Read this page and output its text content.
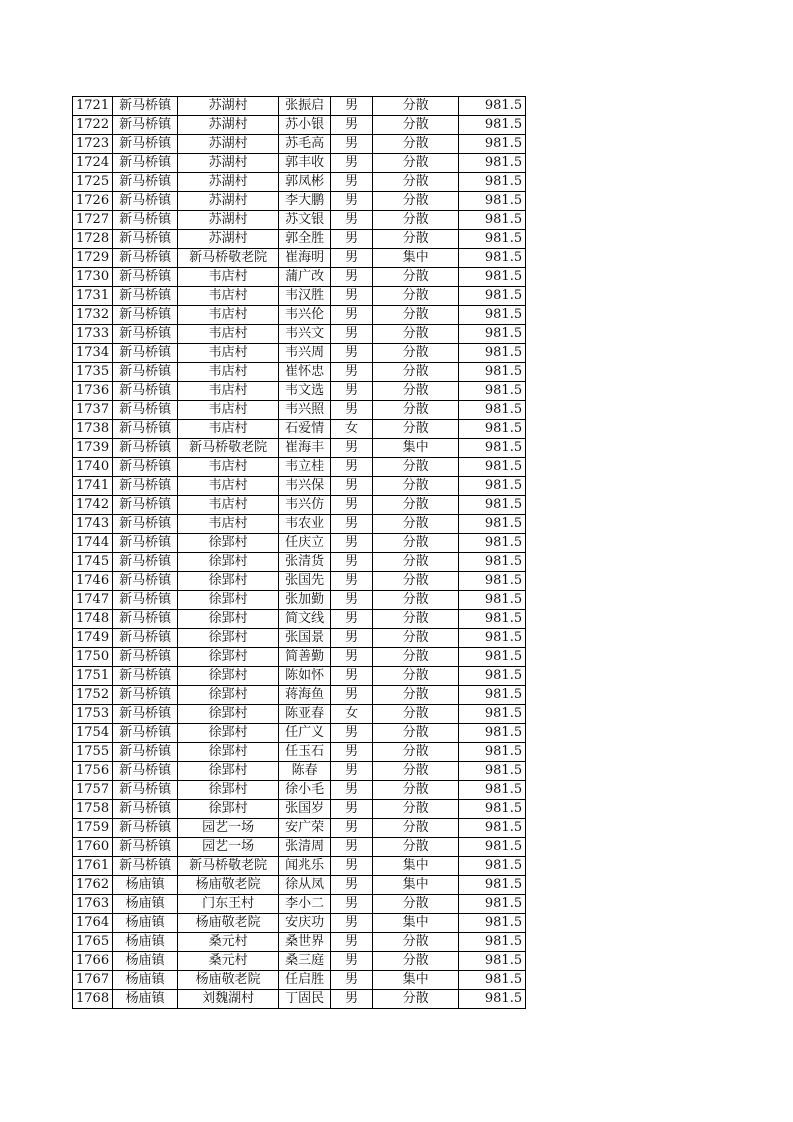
1721	新马桥镇	苏湖村	张振启	男	分散	981.5
1722	新马桥镇	苏湖村	苏小银	男	分散	981.5
1723	新马桥镇	苏湖村	苏毛高	男	分散	981.5
1724	新马桥镇	苏湖村	郭丰收	男	分散	981.5
1725	新马桥镇	苏湖村	郭凤彬	男	分散	981.5
1726	新马桥镇	苏湖村	李大鹏	男	分散	981.5
1727	新马桥镇	苏湖村	苏文银	男	分散	981.5
1728	新马桥镇	苏湖村	郭全胜	男	分散	981.5
1729	新马桥镇	新马桥敬老院	崔海明	男	集中	981.5
1730	新马桥镇	韦店村	蒲广改	男	分散	981.5
1731	新马桥镇	韦店村	韦汉胜	男	分散	981.5
1732	新马桥镇	韦店村	韦兴伦	男	分散	981.5
1733	新马桥镇	韦店村	韦兴文	男	分散	981.5
1734	新马桥镇	韦店村	韦兴周	男	分散	981.5
1735	新马桥镇	韦店村	崔怀忠	男	分散	981.5
1736	新马桥镇	韦店村	韦文选	男	分散	981.5
1737	新马桥镇	韦店村	韦兴照	男	分散	981.5
1738	新马桥镇	韦店村	石爱情	女	分散	981.5
1739	新马桥镇	新马桥敬老院	崔海丰	男	集中	981.5
1740	新马桥镇	韦店村	韦立桂	男	分散	981.5
1741	新马桥镇	韦店村	韦兴保	男	分散	981.5
1742	新马桥镇	韦店村	韦兴仿	男	分散	981.5
1743	新马桥镇	韦店村	韦农业	男	分散	981.5
1744	新马桥镇	徐郢村	任庆立	男	分散	981.5
1745	新马桥镇	徐郢村	张清货	男	分散	981.5
1746	新马桥镇	徐郢村	张国先	男	分散	981.5
1747	新马桥镇	徐郢村	张加勤	男	分散	981.5
1748	新马桥镇	徐郢村	简文线	男	分散	981.5
1749	新马桥镇	徐郢村	张国景	男	分散	981.5
1750	新马桥镇	徐郢村	简善勤	男	分散	981.5
1751	新马桥镇	徐郢村	陈如怀	男	分散	981.5
1752	新马桥镇	徐郢村	蒋海鱼	男	分散	981.5
1753	新马桥镇	徐郢村	陈亚春	女	分散	981.5
1754	新马桥镇	徐郢村	任广义	男	分散	981.5
1755	新马桥镇	徐郢村	任玉石	男	分散	981.5
1756	新马桥镇	徐郢村	陈春	男	分散	981.5
1757	新马桥镇	徐郢村	徐小毛	男	分散	981.5
1758	新马桥镇	徐郢村	张国岁	男	分散	981.5
1759	新马桥镇	园艺一场	安广荣	男	分散	981.5
1760	新马桥镇	园艺一场	张清周	男	分散	981.5
1761	新马桥镇	新马桥敬老院	闻兆乐	男	集中	981.5
1762	杨庙镇	杨庙敬老院	徐从凤	男	集中	981.5
1763	杨庙镇	门东王村	李小二	男	分散	981.5
1764	杨庙镇	杨庙敬老院	安庆功	男	集中	981.5
1765	杨庙镇	桑元村	桑世界	男	分散	981.5
1766	杨庙镇	桑元村	桑三庭	男	分散	981.5
1767	杨庙镇	杨庙敬老院	任启胜	男	集中	981.5
1768	杨庙镇	刘魏湖村	丁固民	男	分散	981.5
